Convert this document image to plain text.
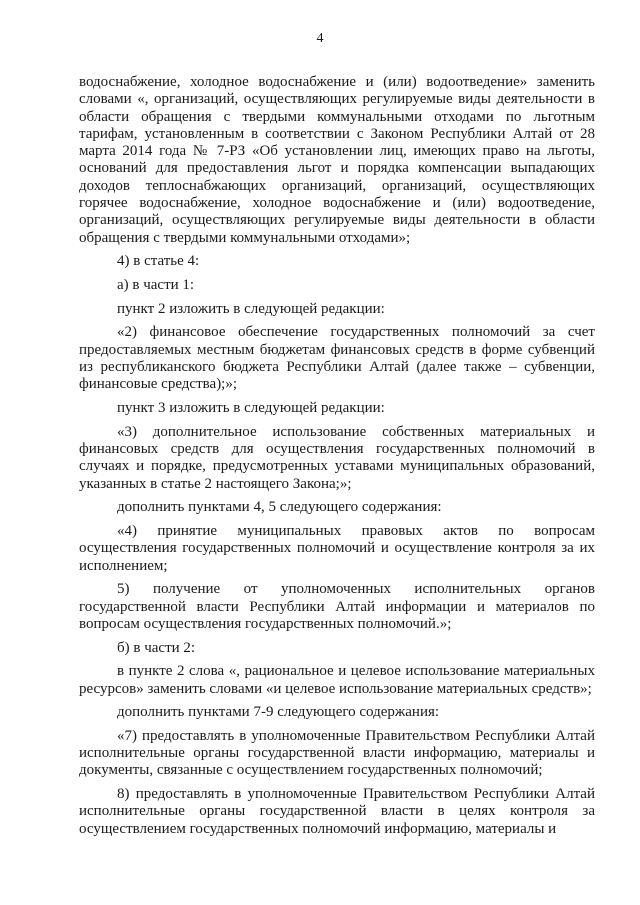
4

водоснабжение, холодное водоснабжение и (или) водоотведение» заменить словами «, организаций, осуществляющих регулируемые виды деятельности в области обращения с твердыми коммунальными отходами по льготным тарифам, установленным в соответствии с Законом Республики Алтай от 28 марта 2014 года № 7-РЗ «Об установлении лиц, имеющих право на льготы, оснований для предоставления льгот и порядка компенсации выпадающих доходов теплоснабжающих организаций, организаций, осуществляющих горячее водоснабжение, холодное водоснабжение и (или) водоотведение, организаций, осуществляющих регулируемые виды деятельности в области обращения с твердыми коммунальными отходами»;

4) в статье 4:

а) в части 1:

пункт 2 изложить в следующей редакции:

«2) финансовое обеспечение государственных полномочий за счет предоставляемых местным бюджетам финансовых средств в форме субвенций из республиканского бюджета Республики Алтай (далее также – субвенции, финансовые средства);»;

пункт 3 изложить в следующей редакции:

«3) дополнительное использование собственных материальных и финансовых средств для осуществления государственных полномочий в случаях и порядке, предусмотренных уставами муниципальных образований, указанных в статье 2 настоящего Закона;»;

дополнить пунктами 4, 5 следующего содержания:

«4) принятие муниципальных правовых актов по вопросам осуществления государственных полномочий и осуществление контроля за их исполнением;

5) получение от уполномоченных исполнительных органов государственной власти Республики Алтай информации и материалов по вопросам осуществления государственных полномочий.»;

б) в части 2:

в пункте 2 слова «, рациональное и целевое использование материальных ресурсов» заменить словами «и целевое использование материальных средств»;

дополнить пунктами 7-9 следующего содержания:

«7) предоставлять в уполномоченные Правительством Республики Алтай исполнительные органы государственной власти информацию, материалы и документы, связанные с осуществлением государственных полномочий;

8) предоставлять в уполномоченные Правительством Республики Алтай исполнительные органы государственной власти в целях контроля за осуществлением государственных полномочий информацию, материалы и
